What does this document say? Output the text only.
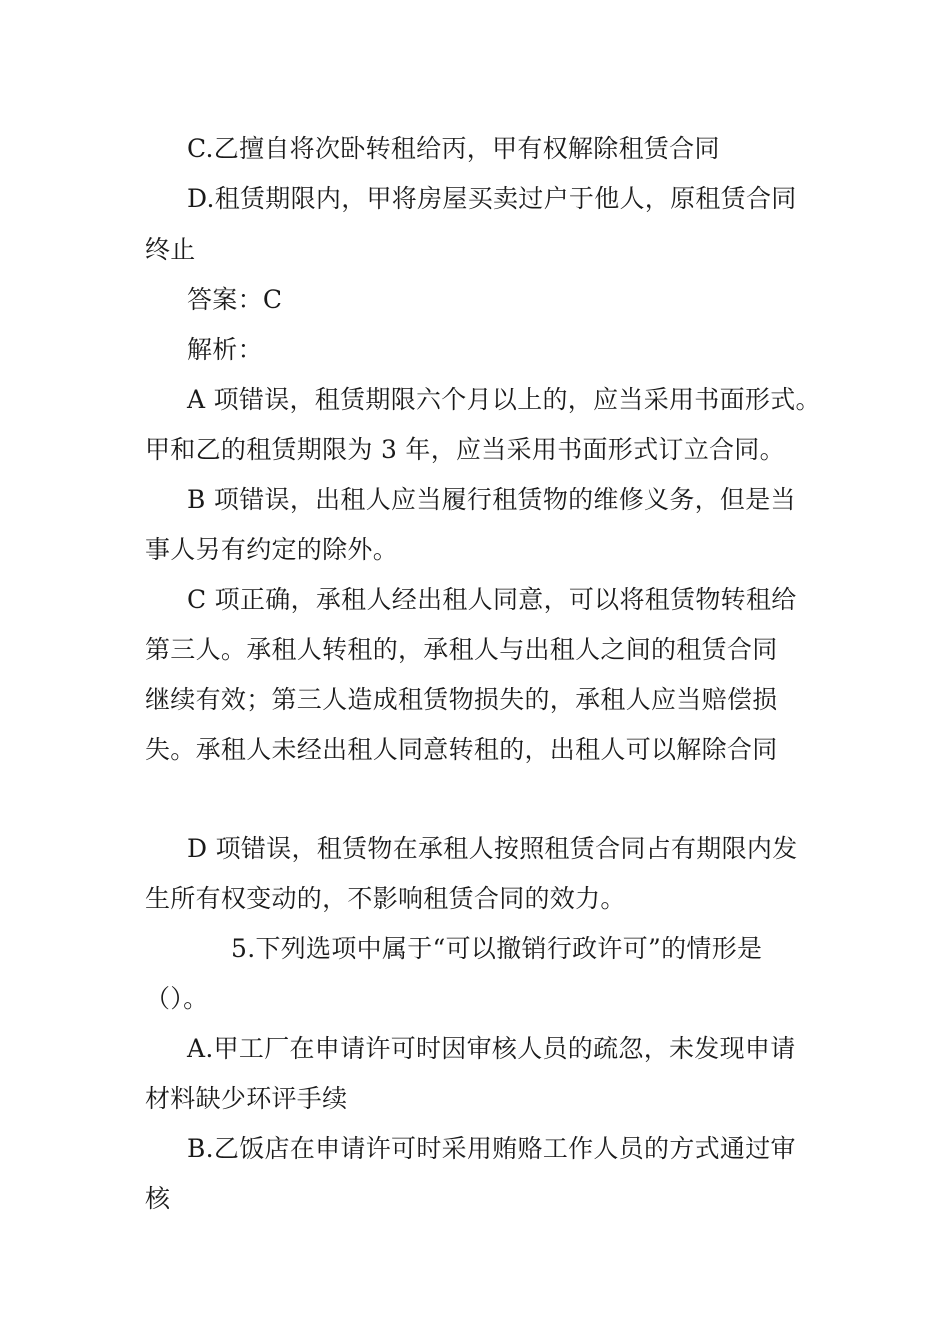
C.乙擅自将次卧转租给丙，甲有权解除租赁合同
D.租赁期限内，甲将房屋买卖过户于他人，原租赁合同
终止
答案：C
解析：
A 项错误，租赁期限六个月以上的，应当采用书面形式。
甲和乙的租赁期限为 3 年，应当采用书面形式订立合同。
B 项错误，出租人应当履行租赁物的维修义务，但是当
事人另有约定的除外。
C 项正确，承租人经出租人同意，可以将租赁物转租给
第三人。承租人转租的，承租人与出租人之间的租赁合同
继续有效；第三人造成租赁物损失的，承租人应当赔偿损
失。承租人未经出租人同意转租的，出租人可以解除合同
D 项错误，租赁物在承租人按照租赁合同占有期限内发
生所有权变动的，不影响租赁合同的效力。
5.下列选项中属于“可以撤销行政许可”的情形是
（）。
A.甲工厂在申请许可时因审核人员的疏忽，未发现申请
材料缺少环评手续
B.乙饭店在申请许可时采用贿赂工作人员的方式通过审
核
